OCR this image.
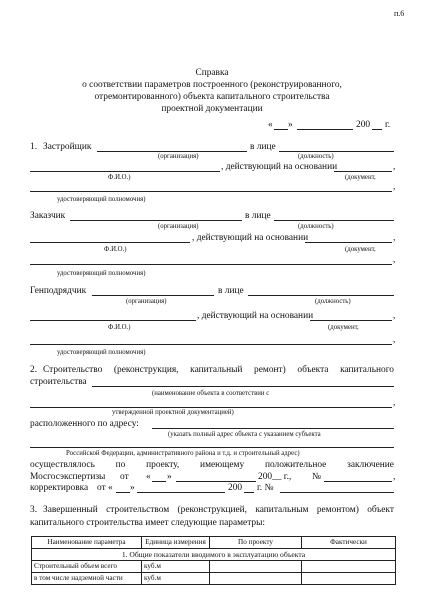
п.6
Справка
о соответствии параметров построенного (реконструированного,
отремонтированного) объекта капитального строительства
проектной документации
« »	200 г.
1. Застройщик	в лице
(организация)	(должность)
, действующий на основании	,
Ф.И.О.)	(документ,
,
удостоверяющий полномочия)
Заказчик	в лице
(организация)	(должность)
, действующий на основании	,
Ф.И.О.)	(документ,
,
удостоверяющий полномочия)
Генподрядчик	в лице
(организация)	(должность)
, действующий на основании	,
Ф.И.О.)	(документ,
,
удостоверяющий полномочия)
2. Строительство (реконструкция, капитальный ремонт) объекта капитального
строительства
(наименование объекта в соответствии с
,
утвержденной проектной документацией)
расположенного по адресу:
(указать полный адрес объекта с указанием субъекта
Российской Федерации, административного района и т.д. и строительный адрес)
осуществлялось по проекту, имеющему положительное заключение
Мосгосэкспертизы от « »	200__ г., №	,
корректировка от « »	200 г. №
3. Завершенный строительством (реконструкцией, капитальным ремонтом) объект
капитального строительства имеет следующие параметры:
Наименование параметра	Единица измерения	По проекту	Фактически
1. Общие показатели вводимого в эксплуатацию объекта			
Строительный объем всего	куб.м		
в том числе надземной части	куб.м		
